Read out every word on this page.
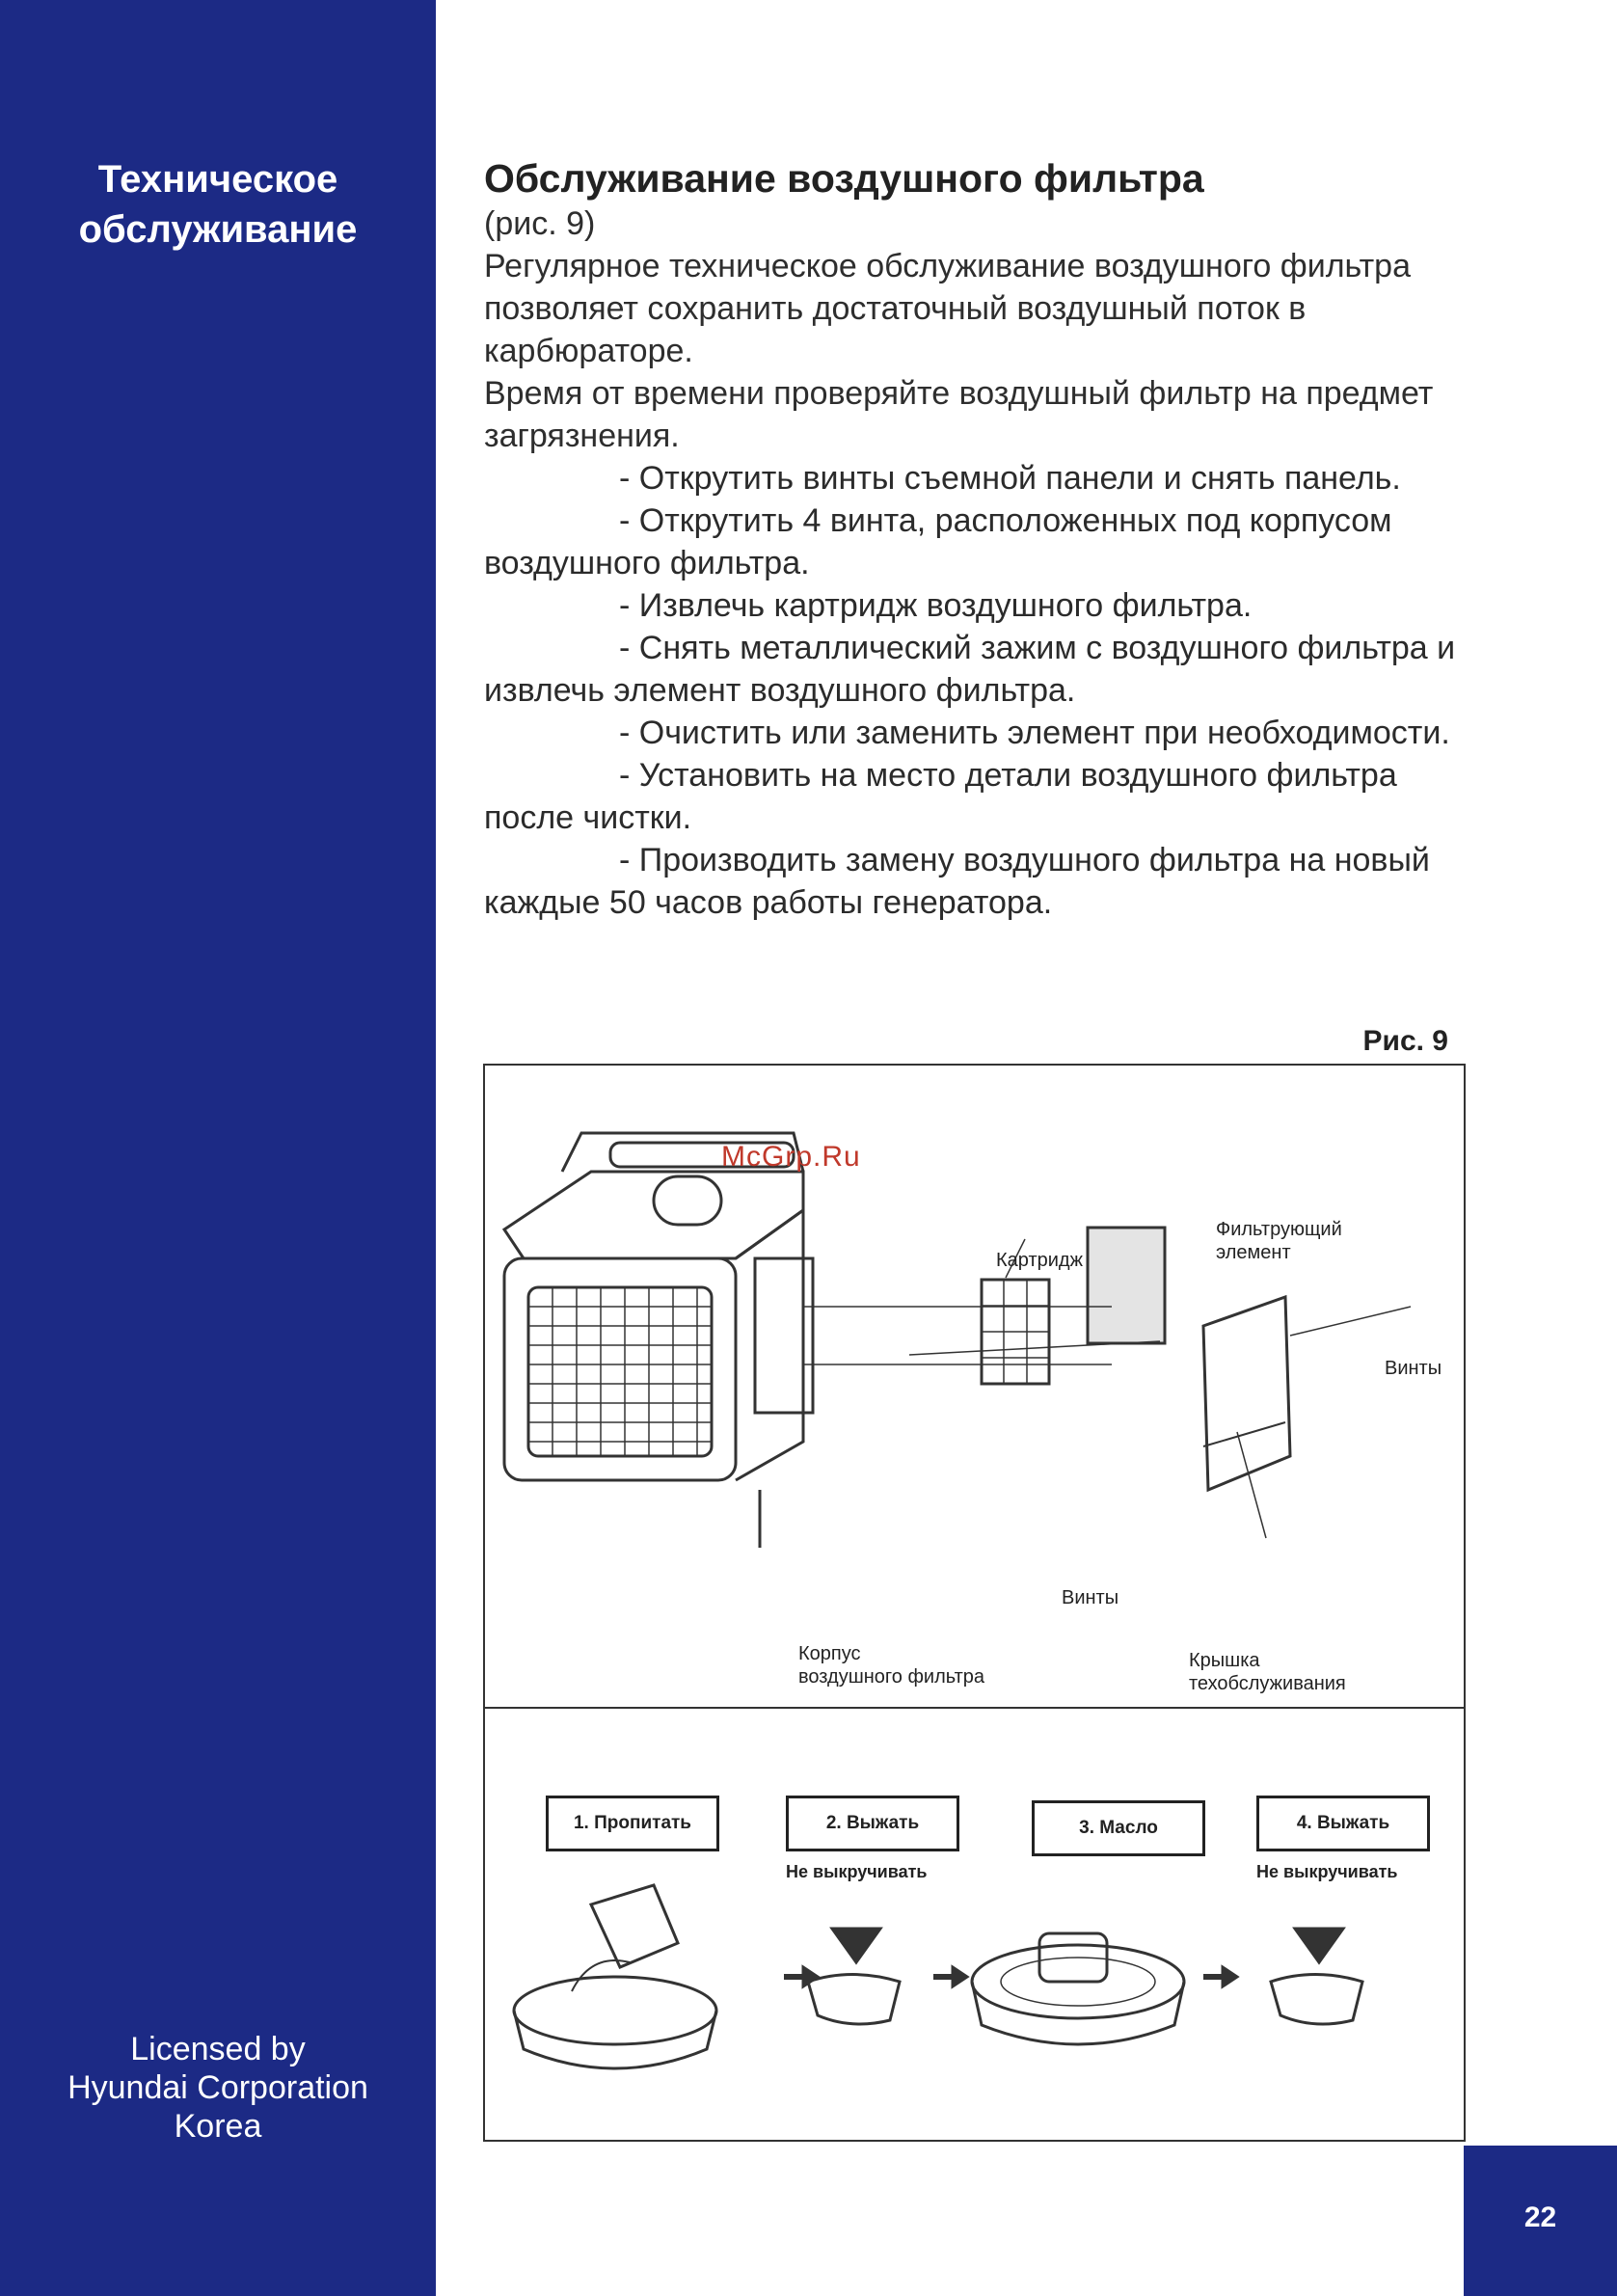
Техническое
обслуживание
Licensed by
Hyundai Corporation
Korea
Обслуживание воздушного фильтра
(рис. 9)
Регулярное техническое обслуживание воздушного фильтра позволяет сохранить достаточный воздушный поток в карбюраторе.
Время от времени проверяйте воздушный фильтр на предмет загрязнения.
- Открутить винты съемной панели и снять панель.
- Открутить 4 винта, расположенных под корпусом воздушного фильтра.
- Извлечь картридж воздушного фильтра.
- Снять металлический зажим с воздушного фильтра и извлечь элемент воздушного фильтра.
- Очистить или заменить элемент при необходимости.
- Установить на место детали воздушного фильтра после чистки.
- Производить замену воздушного фильтра на новый каждые 50 часов работы генератора.
Рис. 9
McGrp.Ru
Картридж
Фильтрующий
элемент
Винты
Винты
Корпус
воздушного фильтра
Крышка
техобслуживания
1. Пропитать	2. Выжать
Не выкручивать
3. Масло	4. Выжать
Не выкручивать
22
